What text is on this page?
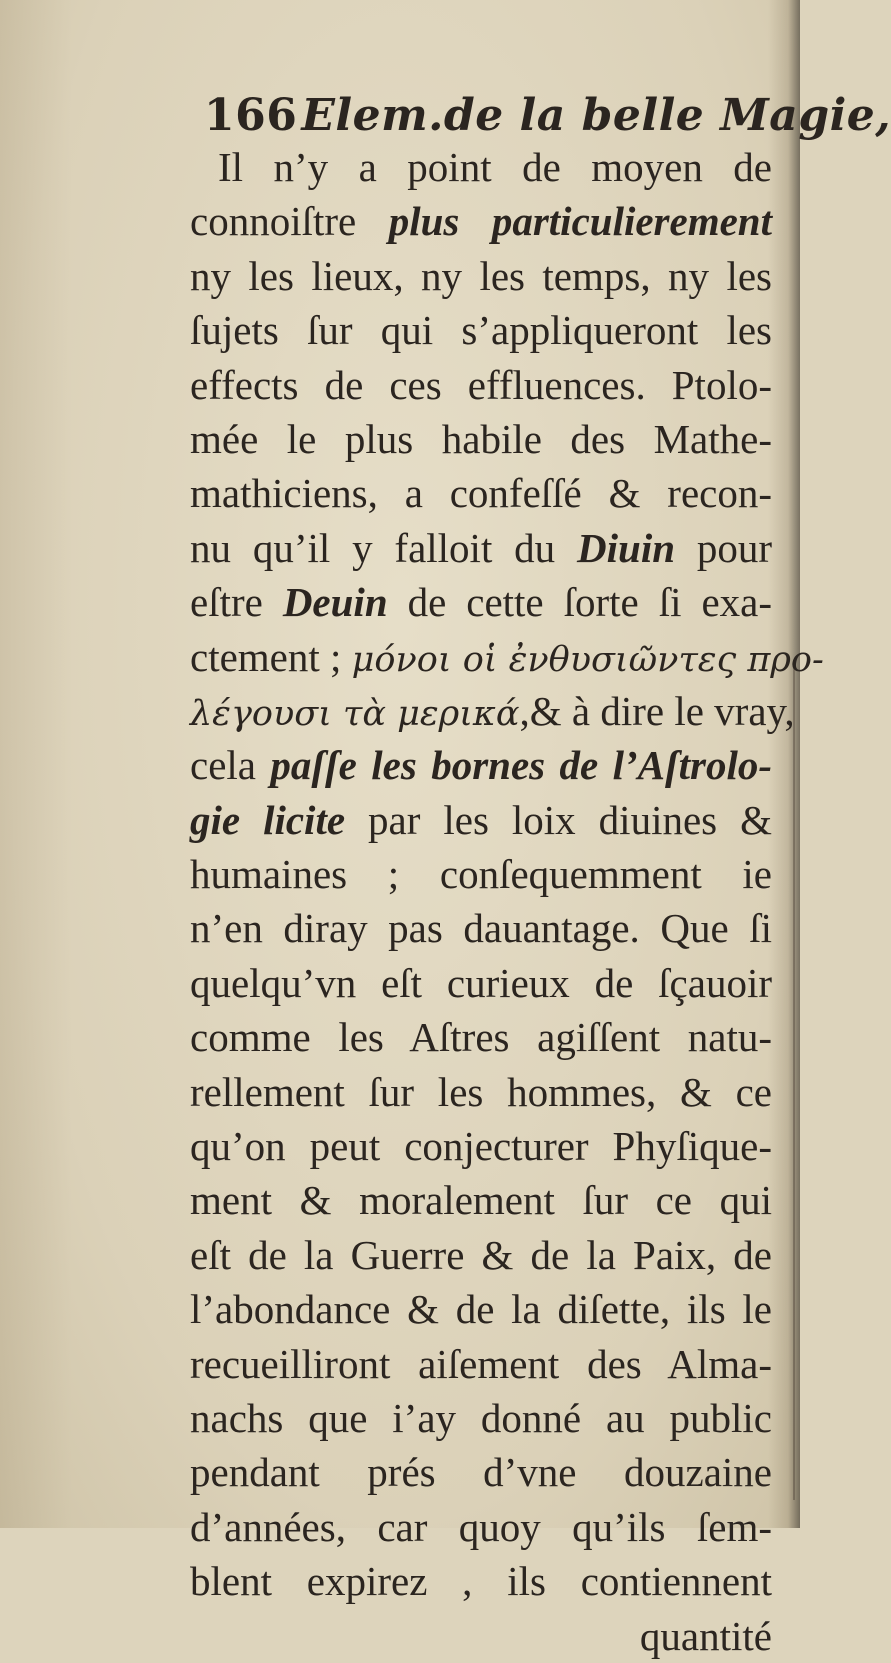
166Elem.de la belle Magie,
Il n’y a point de moyen de
connoiſtre plus particulierement
ny les lieux, ny les temps, ny les
ſujets ſur qui s’appliqueront les
effects de ces effluences. Ptolo-
mée le plus habile des Mathe-
mathiciens, a confeſſé & recon-
nu qu’il y falloit du Diuin pour
eſtre Deuin de cette ſorte ſi exa-
ctement ; μόνοι οἱ ἐνθυσιῶντες προ-
λέγουσι τὰ μερικά,& à dire le vray,
cela paſſe les bornes de l’Aſtrolo-
gie licite par les loix diuines &
humaines ; conſequemment ie
n’en diray pas dauantage. Que ſi
quelqu’vn eſt curieux de ſçauoir
comme les Aſtres agiſſent natu-
rellement ſur les hommes, & ce
qu’on peut conjecturer Phyſique-
ment & moralement ſur ce qui
eſt de la Guerre & de la Paix, de
l’abondance & de la diſette, ils le
recueilliront aiſement des Alma-
nachs que i’ay donné au public
pendant prés d’vne douzaine
d’années, car quoy qu’ils ſem-
blent expirez , ils contiennent
quantité
